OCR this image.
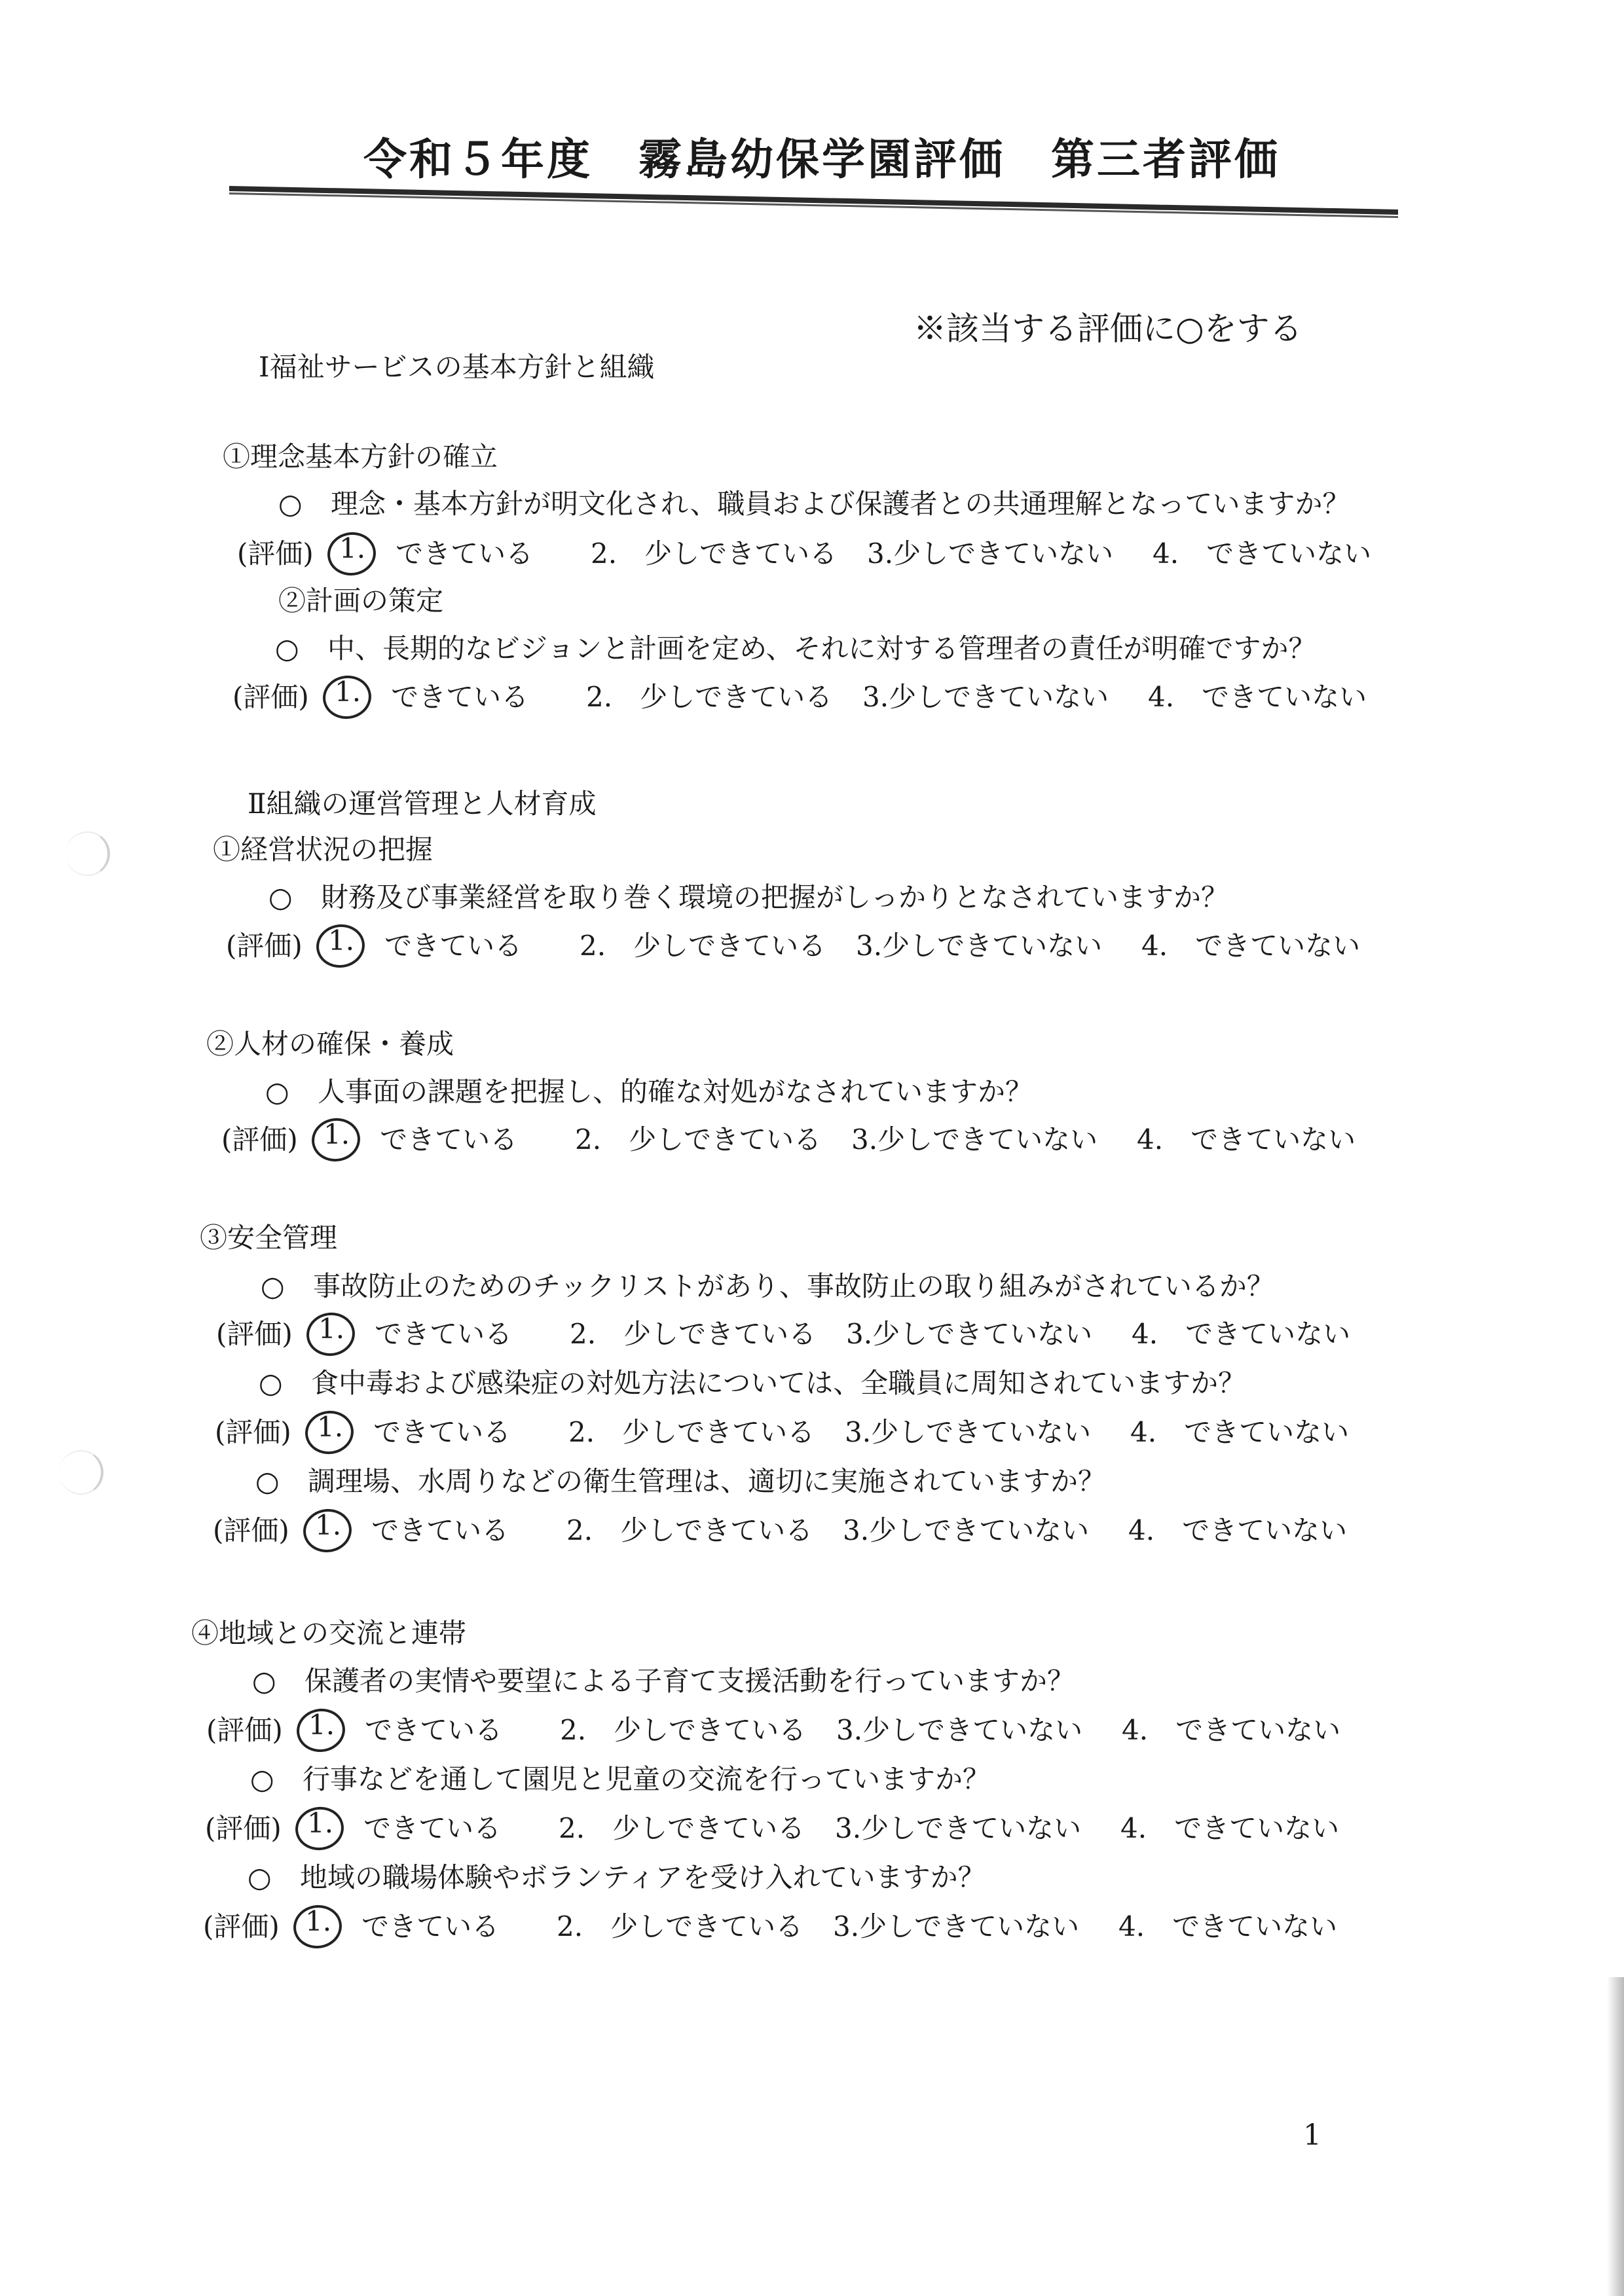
令和５年度　霧島幼保学園評価　第三者評価
※該当する評価に○をする
Ⅰ福祉サービスの基本方針と組織
①理念基本方針の確立
○ 理念・基本方針が明文化され、職員および保護者との共通理解となっていますか？
(評価) 1.	できている 2.　少しできている 3.少しできていない 4.　できていない
②計画の策定
○ 中、長期的なビジョンと計画を定め、それに対する管理者の責任が明確ですか？
(評価) 1.	できている 2.　少しできている 3.少しできていない 4.　できていない
Ⅱ組織の運営管理と人材育成
①経営状況の把握
○ 財務及び事業経営を取り巻く環境の把握がしっかりとなされていますか？
(評価) 1.	できている 2.　少しできている 3.少しできていない 4.　できていない
②人材の確保・養成
○ 人事面の課題を把握し、的確な対処がなされていますか？
(評価) 1.	できている 2.　少しできている 3.少しできていない 4.　できていない
③安全管理
○ 事故防止のためのチックリストがあり、事故防止の取り組みがされているか？
(評価) 1.	できている 2.　少しできている 3.少しできていない 4.　できていない
○ 食中毒および感染症の対処方法については、全職員に周知されていますか？
(評価) 1.	できている 2.　少しできている 3.少しできていない 4.　できていない
○ 調理場、水周りなどの衛生管理は、適切に実施されていますか？
(評価) 1.	できている 2.　少しできている 3.少しできていない 4.　できていない
④地域との交流と連帯
○ 保護者の実情や要望による子育て支援活動を行っていますか？
(評価) 1.	できている 2.　少しできている 3.少しできていない 4.　できていない
○ 行事などを通して園児と児童の交流を行っていますか？
(評価) 1.	できている 2.　少しできている 3.少しできていない 4.　できていない
○ 地域の職場体験やボランティアを受け入れていますか？
(評価) 1.	できている 2.　少しできている 3.少しできていない 4.　できていない
1
